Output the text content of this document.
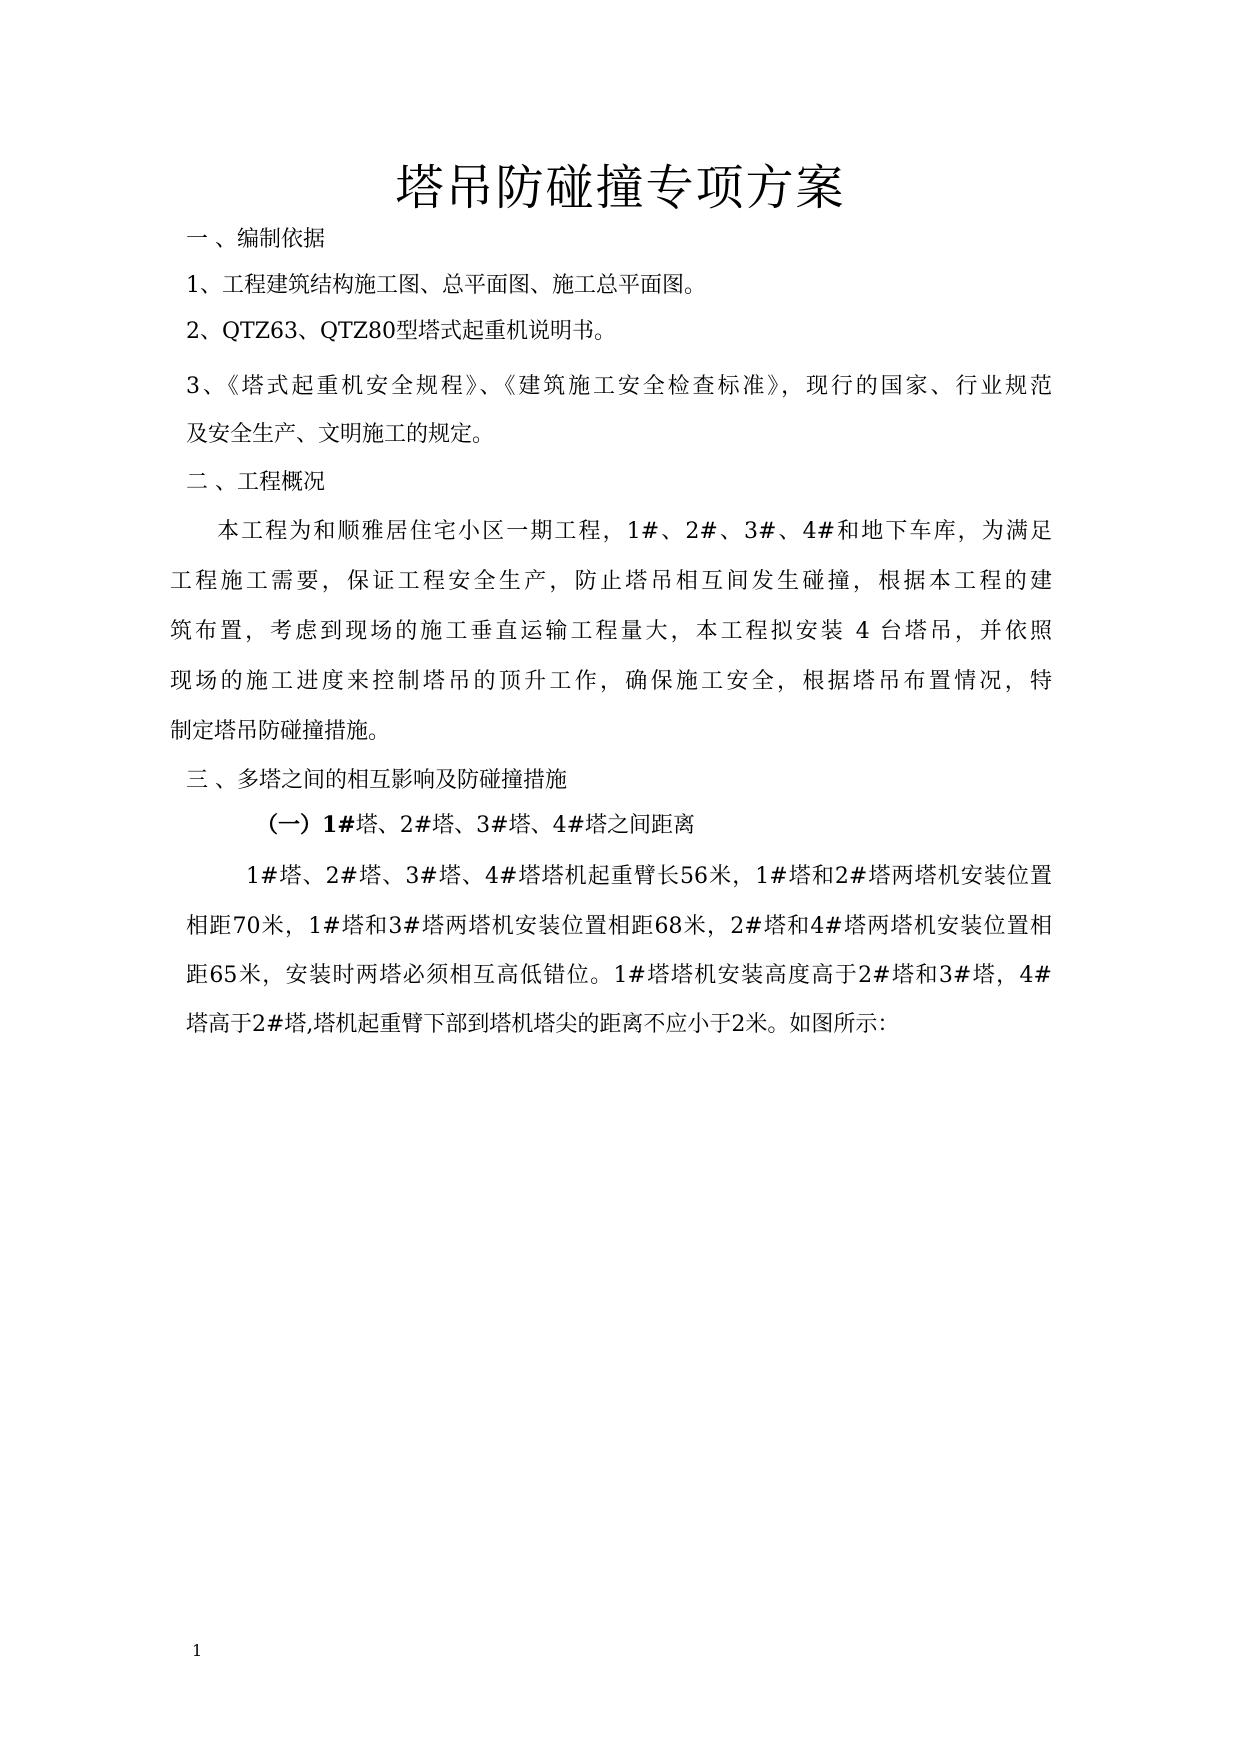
塔吊防碰撞专项方案
一 、编制依据
1、工程建筑结构施工图、总平面图、施工总平面图。
2、QTZ63、QTZ80型塔式起重机说明书。
3、《塔式起重机安全规程》、《建筑施工安全检查标准》，现行的国家、行业规范
及安全生产、文明施工的规定。
二 、工程概况
本工程为和顺雅居住宅小区一期工程，1#、2#、3#、4#和地下车库，为满足
工程施工需要，保证工程安全生产，防止塔吊相互间发生碰撞，根据本工程的建
筑布置，考虑到现场的施工垂直运输工程量大，本工程拟安装 4 台塔吊，并依照
现场的施工进度来控制塔吊的顶升工作，确保施工安全，根据塔吊布置情况，特
制定塔吊防碰撞措施。
三 、多塔之间的相互影响及防碰撞措施
（一）1#塔、2#塔、3#塔、4#塔之间距离
1#塔、2#塔、3#塔、4#塔塔机起重臂长56米，1#塔和2#塔两塔机安装位置
相距70米，1#塔和3#塔两塔机安装位置相距68米，2#塔和4#塔两塔机安装位置相
距65米，安装时两塔必须相互高低错位。1#塔塔机安装高度高于2#塔和3#塔，4#
塔高于2#塔,塔机起重臂下部到塔机塔尖的距离不应小于2米。如图所示：
1
